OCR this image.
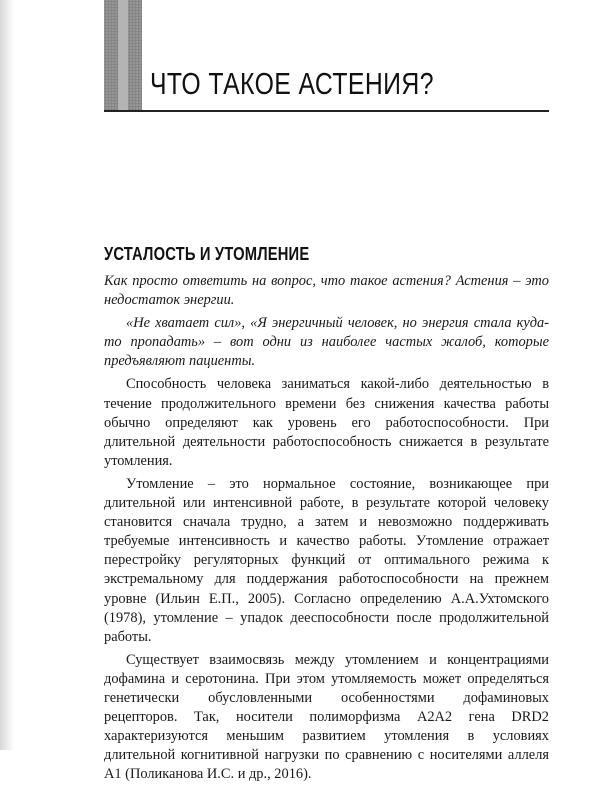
ЧТО ТАКОЕ АСТЕНИЯ?
УСТАЛОСТЬ И УТОМЛЕНИЕ

Как просто ответить на вопрос, что такое астения? Астения – это недостаток энергии.

«Не хватает сил», «Я энергичный человек, но энергия стала куда-то пропадать» – вот одни из наиболее частых жалоб, которые предъявляют пациенты.

Способность человека заниматься какой-либо деятельностью в течение продолжительного времени без снижения качества работы обычно определяют как уровень его работоспособности. При длительной деятельности работоспособность снижается в результате утомления.

Утомление – это нормальное состояние, возникающее при длительной или интенсивной работе, в результате которой человеку становится сначала трудно, а затем и невозможно поддерживать требуемые интенсивность и качество работы. Утомление отражает перестройку регуляторных функций от оптимального режима к экстремальному для поддержания работоспособности на прежнем уровне (Ильин Е.П., 2005). Согласно определению А.А.Ухтомского (1978), утомление – упадок дееспособности после продолжительной работы.

Существует взаимосвязь между утомлением и концентрациями дофамина и серотонина. При этом утомляемость может определяться генетически обусловленными особенностями дофаминовых рецепторов. Так, носители полиморфизма A2A2 гена DRD2 характеризуются меньшим развитием утомления в условиях длительной когнитивной нагрузки по сравнению с носителями аллеля A1 (Поликанова И.С. и др., 2016).
